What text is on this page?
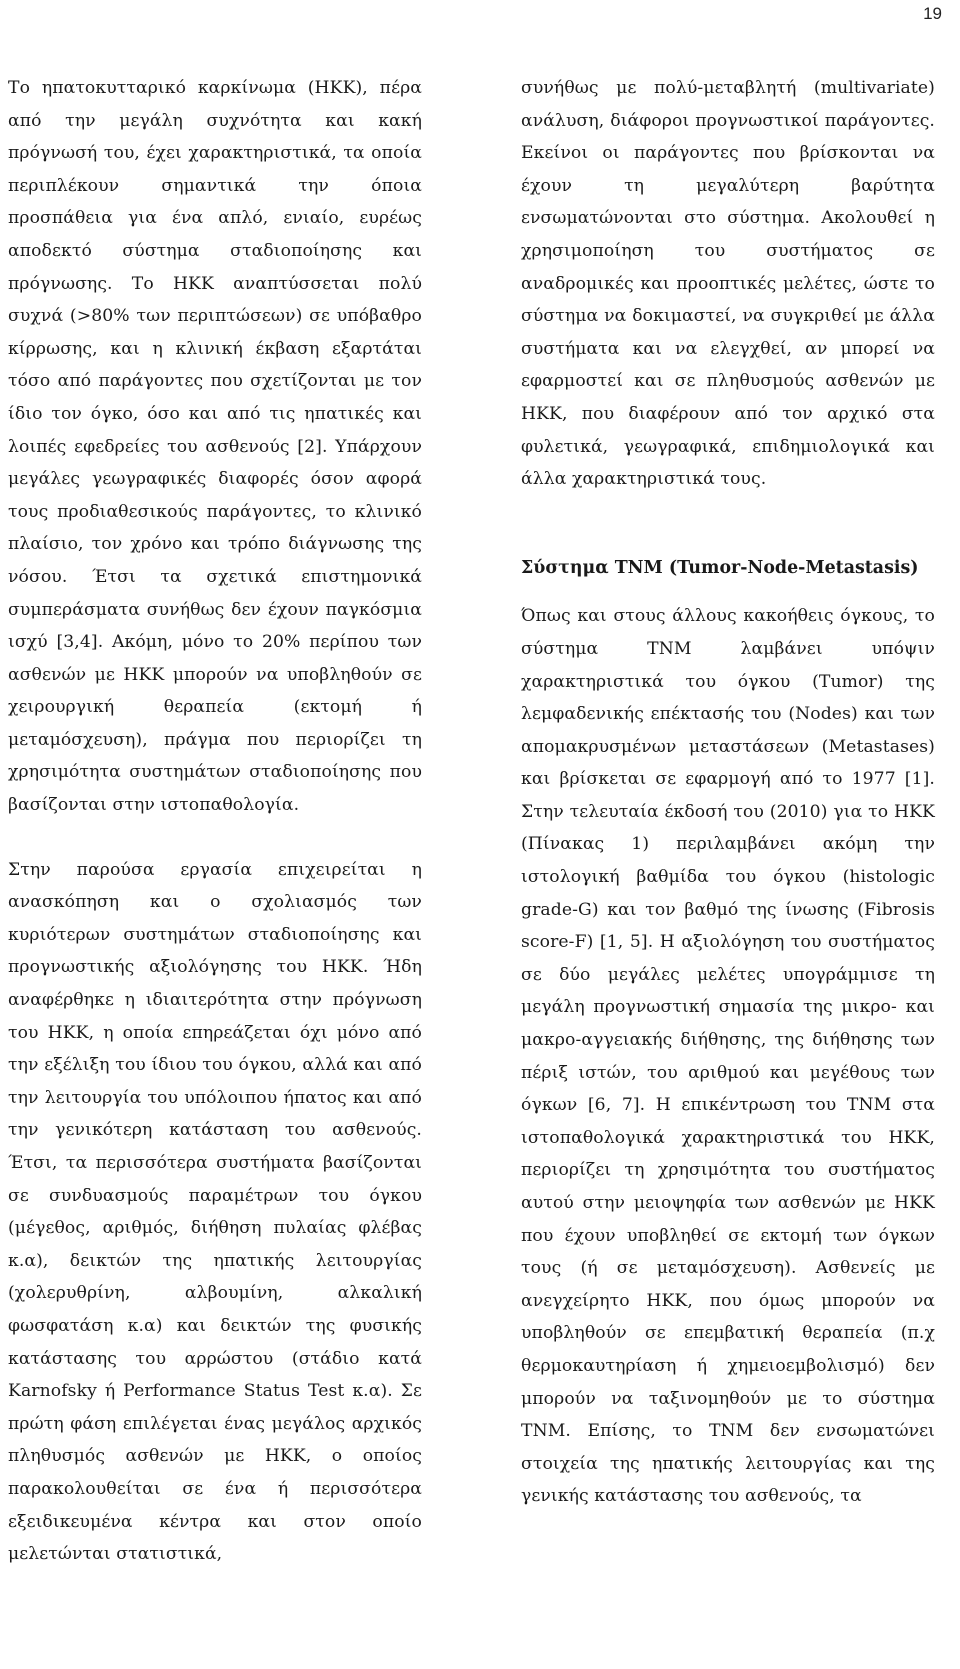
19

Το ηπατοκυτταρικό καρκίνωμα (ΗΚΚ), πέρα από την μεγάλη συχνότητα και κακή πρόγνωσή του, έχει χαρακτηριστικά, τα οποία περιπλέκουν σημαντικά την όποια προσπάθεια για ένα απλό, ενιαίο, ευρέως αποδεκτό σύστημα σταδιοποίησης και πρόγνωσης. Το ΗΚΚ αναπτύσσεται πολύ συχνά (>80% των περιπτώσεων) σε υπόβαθρο κίρρωσης, και η κλινική έκβαση εξαρτάται τόσο από παράγοντες που σχετίζονται με τον ίδιο τον όγκο, όσο και από τις ηπατικές και λοιπές εφεδρείες του ασθενούς [2]. Υπάρχουν μεγάλες γεωγραφικές διαφορές όσον αφορά τους προδιαθεσικούς παράγοντες, το κλινικό πλαίσιο, τον χρόνο και τρόπο διάγνωσης της νόσου. Έτσι τα σχετικά επιστημονικά συμπεράσματα συνήθως δεν έχουν παγκόσμια ισχύ [3,4]. Ακόμη, μόνο το 20% περίπου των ασθενών με ΗΚΚ μπορούν να υποβληθούν σε χειρουργική θεραπεία (εκτομή ή μεταμόσχευση), πράγμα που περιορίζει τη χρησιμότητα συστημάτων σταδιοποίησης που βασίζονται στην ιστοπαθολογία.

Στην παρούσα εργασία επιχειρείται η ανασκόπηση και ο σχολιασμός των κυριότερων συστημάτων σταδιοποίησης και προγνωστικής αξιολόγησης του ΗΚΚ. Ήδη αναφέρθηκε η ιδιαιτερότητα στην πρόγνωση του ΗΚΚ, η οποία επηρεάζεται όχι μόνο από την εξέλιξη του ίδιου του όγκου, αλλά και από την λειτουργία του υπόλοιπου ήπατος και από την γενικότερη κατάσταση του ασθενούς. Έτσι, τα περισσότερα συστήματα βασίζονται σε συνδυασμούς παραμέτρων του όγκου (μέγεθος, αριθμός, διήθηση πυλαίας φλέβας κ.α), δεικτών της ηπατικής λειτουργίας (χολερυθρίνη, αλβουμίνη, αλκαλική φωσφατάση κ.α) και δεικτών της φυσικής κατάστασης του αρρώστου (στάδιο κατά Karnofsky ή Performance Status Test κ.α). Σε πρώτη φάση επιλέγεται ένας μεγάλος αρχικός πληθυσμός ασθενών με ΗΚΚ, ο οποίος παρακολουθείται σε ένα ή περισσότερα εξειδικευμένα κέντρα και στον οποίο μελετώνται στατιστικά,

συνήθως με πολύ-μεταβλητή (multivariate) ανάλυση, διάφοροι προγνωστικοί παράγοντες. Εκείνοι οι παράγοντες που βρίσκονται να έχουν τη μεγαλύτερη βαρύτητα ενσωματώνονται στο σύστημα. Ακολουθεί η χρησιμοποίηση του συστήματος σε αναδρομικές και προοπτικές μελέτες, ώστε το σύστημα να δοκιμαστεί, να συγκριθεί με άλλα συστήματα και να ελεγχθεί, αν μπορεί να εφαρμοστεί και σε πληθυσμούς ασθενών με ΗΚΚ, που διαφέρουν από τον αρχικό στα φυλετικά, γεωγραφικά, επιδημιολογικά και άλλα χαρακτηριστικά τους.

Σύστημα TNM (Tumor-Node-Metastasis)

Όπως και στους άλλους κακοήθεις όγκους, το σύστημα TNM λαμβάνει υπόψιν χαρακτηριστικά του όγκου (Tumor) της λεμφαδενικής επέκτασής του (Nodes) και των απομακρυσμένων μεταστάσεων (Metastases) και βρίσκεται σε εφαρμογή από το 1977 [1]. Στην τελευταία έκδοσή του (2010) για το ΗΚΚ (Πίνακας 1) περιλαμβάνει ακόμη την ιστολογική βαθμίδα του όγκου (histologic grade-G) και τον βαθμό της ίνωσης (Fibrosis score-F) [1, 5]. Η αξιολόγηση του συστήματος σε δύο μεγάλες μελέτες υπογράμμισε τη μεγάλη προγνωστική σημασία της μικρο- και μακρο-αγγειακής διήθησης, της διήθησης των πέριξ ιστών, του αριθμού και μεγέθους των όγκων [6, 7]. Η επικέντρωση του TNM στα ιστοπαθολογικά χαρακτηριστικά του ΗΚΚ, περιορίζει τη χρησιμότητα του συστήματος αυτού στην μειοψηφία των ασθενών με ΗΚΚ που έχουν υποβληθεί σε εκτομή των όγκων τους (ή σε μεταμόσχευση). Ασθενείς με ανεγχείρητο ΗΚΚ, που όμως μπορούν να υποβληθούν σε επεμβατική θεραπεία (π.χ θερμοκαυτηρίαση ή χημειοεμβολισμό) δεν μπορούν να ταξινομηθούν με το σύστημα TNM. Επίσης, το TNM δεν ενσωματώνει στοιχεία της ηπατικής λειτουργίας και της γενικής κατάστασης του ασθενούς, τα
